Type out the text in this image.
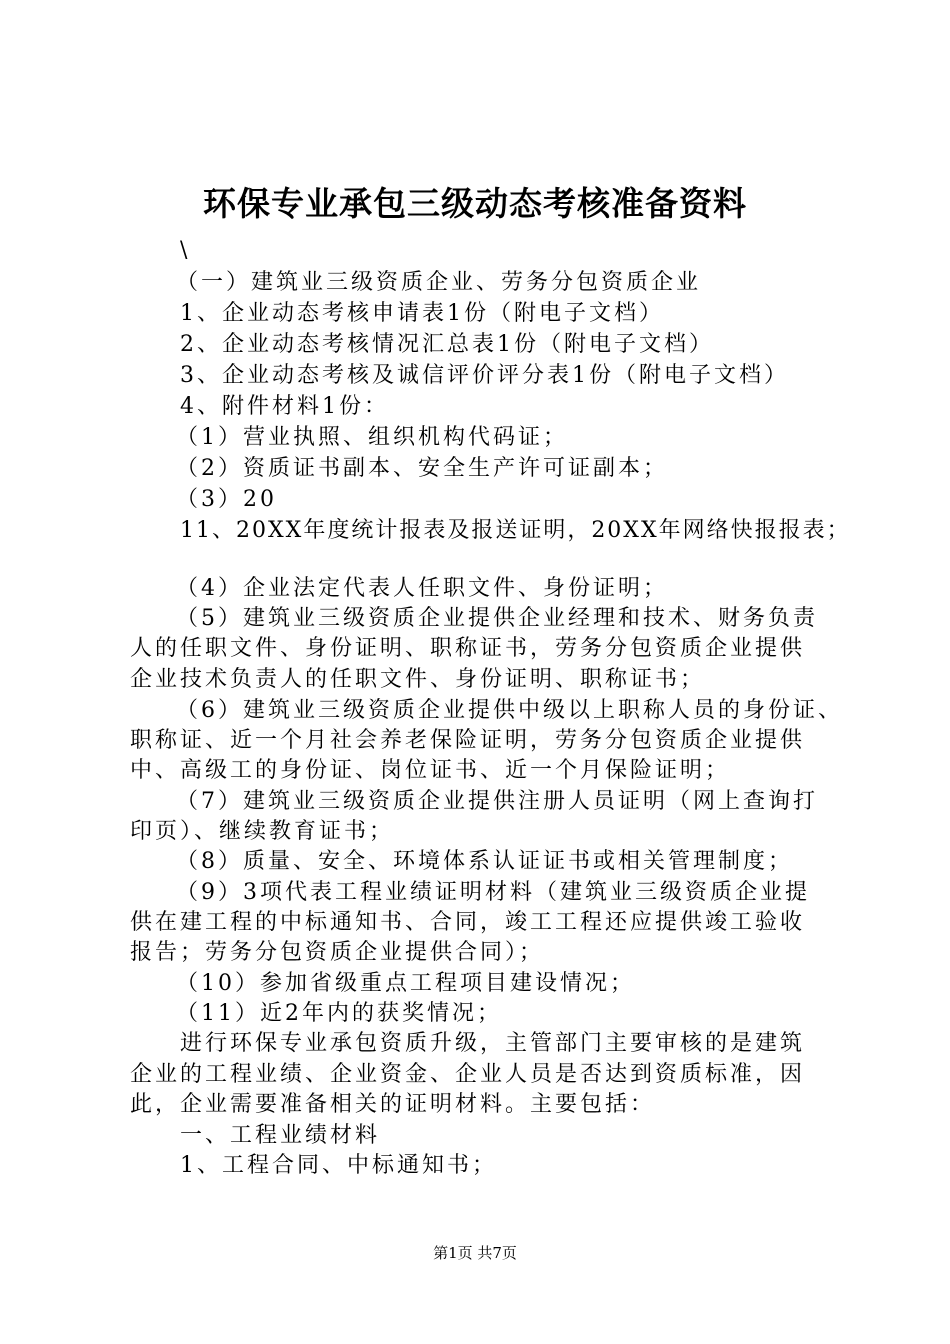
环保专业承包三级动态考核准备资料
\
（一）建筑业三级资质企业、劳务分包资质企业
1、企业动态考核申请表1份（附电子文档）
2、企业动态考核情况汇总表1份（附电子文档）
3、企业动态考核及诚信评价评分表1份（附电子文档）
4、附件材料1份：
（1）营业执照、组织机构代码证；
（2）资质证书副本、安全生产许可证副本；
（3）20
11、20XX年度统计报表及报送证明，20XX年网络快报报表；
（4）企业法定代表人任职文件、身份证明；
（5）建筑业三级资质企业提供企业经理和技术、财务负责
人的任职文件、身份证明、职称证书，劳务分包资质企业提供
企业技术负责人的任职文件、身份证明、职称证书；
（6）建筑业三级资质企业提供中级以上职称人员的身份证、
职称证、近一个月社会养老保险证明，劳务分包资质企业提供
中、高级工的身份证、岗位证书、近一个月保险证明；
（7）建筑业三级资质企业提供注册人员证明（网上查询打
印页）、继续教育证书；
（8）质量、安全、环境体系认证证书或相关管理制度；
（9）3项代表工程业绩证明材料（建筑业三级资质企业提
供在建工程的中标通知书、合同，竣工工程还应提供竣工验收
报告；劳务分包资质企业提供合同）；
（10）参加省级重点工程项目建设情况；
（11）近2年内的获奖情况；
进行环保专业承包资质升级，主管部门主要审核的是建筑
企业的工程业绩、企业资金、企业人员是否达到资质标准，因
此，企业需要准备相关的证明材料。主要包括：
一、工程业绩材料
1、工程合同、中标通知书；
第1页 共7页
